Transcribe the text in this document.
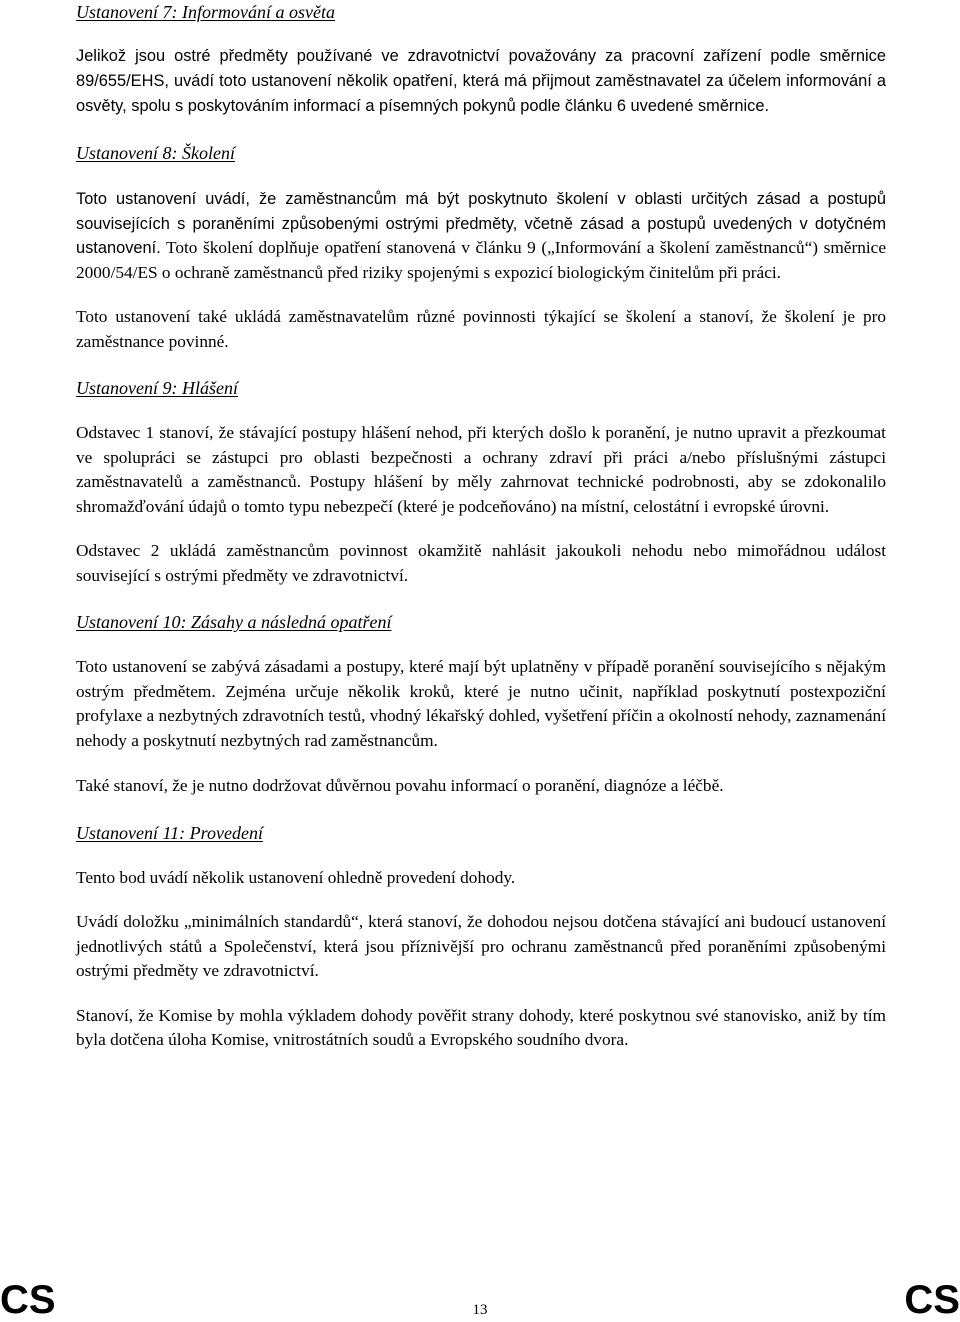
Ustanovení 7: Informování a osvěta

Jelikož jsou ostré předměty používané ve zdravotnictví považovány za pracovní zařízení podle směrnice 89/655/EHS, uvádí toto ustanovení několik opatření, která má přijmout zaměstnavatel za účelem informování a osvěty, spolu s poskytováním informací a písemných pokynů podle článku 6 uvedené směrnice.

Ustanovení 8: Školení

Toto ustanovení uvádí, že zaměstnancům má být poskytnuto školení v oblasti určitých zásad a postupů souvisejících s poraněními způsobenými ostrými předměty, včetně zásad a postupů uvedených v dotyčném ustanovení. Toto školení doplňuje opatření stanovená v článku 9 („Informování a školení zaměstnanců“) směrnice 2000/54/ES o ochraně zaměstnanců před riziky spojenými s expozicí biologickým činitelům při práci.

Toto ustanovení také ukládá zaměstnavatelům různé povinnosti týkající se školení a stanoví, že školení je pro zaměstnance povinné.

Ustanovení 9: Hlášení

Odstavec 1 stanoví, že stávající postupy hlášení nehod, při kterých došlo k poranění, je nutno upravit a přezkoumat ve spolupráci se zástupci pro oblasti bezpečnosti a ochrany zdraví při práci a/nebo příslušnými zástupci zaměstnavatelů a zaměstnanců. Postupy hlášení by měly zahrnovat technické podrobnosti, aby se zdokonalilo shromažďování údajů o tomto typu nebezpečí (které je podceňováno) na místní, celostátní i evropské úrovni.

Odstavec 2 ukládá zaměstnancům povinnost okamžitě nahlásit jakoukoli nehodu nebo mimořádnou událost související s ostrými předměty ve zdravotnictví.

Ustanovení 10: Zásahy a následná opatření

Toto ustanovení se zabývá zásadami a postupy, které mají být uplatněny v případě poranění souvisejícího s nějakým ostrým předmětem. Zejména určuje několik kroků, které je nutno učinit, například poskytnutí postexpoziční profylaxe a nezbytných zdravotních testů, vhodný lékařský dohled, vyšetření příčin a okolností nehody, zaznamenání nehody a poskytnutí nezbytných rad zaměstnancům.

Také stanoví, že je nutno dodržovat důvěrnou povahu informací o poranění, diagnóze a léčbě.

Ustanovení 11: Provedení

Tento bod uvádí několik ustanovení ohledně provedení dohody.

Uvádí doložku „minimálních standardů“, která stanoví, že dohodou nejsou dotčena stávající ani budoucí ustanovení jednotlivých států a Společenství, která jsou příznivější pro ochranu zaměstnanců před poraněními způsobenými ostrými předměty ve zdravotnictví.

Stanoví, že Komise by mohla výkladem dohody pověřit strany dohody, které poskytnou své stanovisko, aniž by tím byla dotčena úloha Komise, vnitrostátních soudů a Evropského soudního dvora.

CS	CS
13
